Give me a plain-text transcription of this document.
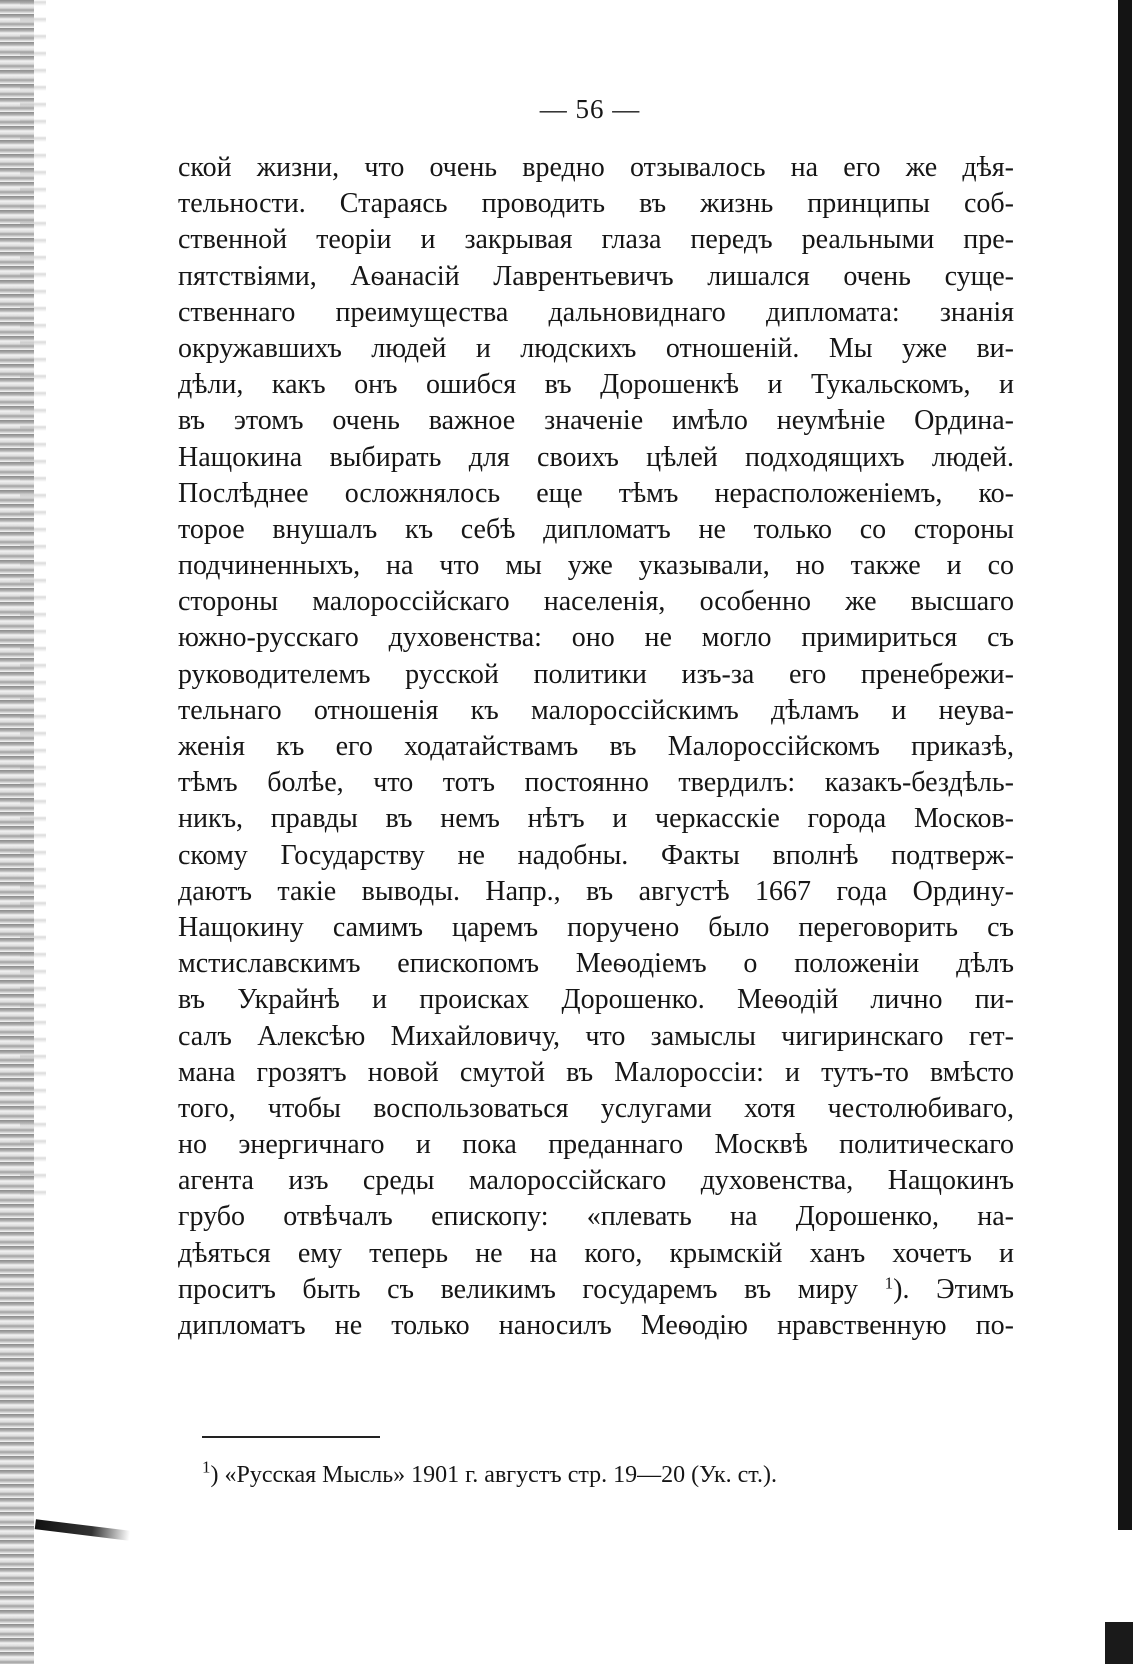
— 56 —
ской жизни, что очень вредно отзывалось на его же дѣя-
тельности. Стараясь проводить въ жизнь принципы соб-
ственной теоріи и закрывая глаза передъ реальными пре-
пятствіями, Аѳанасій Лаврентьевичъ лишался очень суще-
ственнаго преимущества дальновиднаго дипломата: знанія
окружавшихъ людей и людскихъ отношеній. Мы уже ви-
дѣли, какъ онъ ошибся въ Дорошенкѣ и Тукальскомъ, и
въ этомъ очень важное значеніе имѣло неумѣніе Ордина-
Нащокина выбирать для своихъ цѣлей подходящихъ людей.
Послѣднее осложнялось еще тѣмъ нерасположеніемъ, ко-
торое внушалъ къ себѣ дипломатъ не только со стороны
подчиненныхъ, на что мы уже указывали, но также и со
стороны малороссійскаго населенія, особенно же высшаго
южно-русскаго духовенства: оно не могло примириться съ
руководителемъ русской политики изъ-за его пренебрежи-
тельнаго отношенія къ малороссійскимъ дѣламъ и неува-
женія къ его ходатайствамъ въ Малороссійскомъ приказѣ,
тѣмъ болѣе, что тотъ постоянно твердилъ: казакъ-бездѣль-
никъ, правды въ немъ нѣтъ и черкасскіе города Москов-
скому Государству не надобны. Факты вполнѣ подтверж-
даютъ такіе выводы. Напр., въ августѣ 1667 года Ордину-
Нащокину самимъ царемъ поручено было переговорить съ
мстиславскимъ епископомъ Меѳодіемъ о положеніи дѣлъ
въ Украйнѣ и происках Дорошенко. Меѳодій лично пи-
салъ Алексѣю Михайловичу, что замыслы чигиринскаго гет-
мана грозятъ новой смутой въ Малороссіи: и тутъ-то вмѣсто
того, чтобы воспользоваться услугами хотя честолюбиваго,
но энергичнаго и пока преданнаго Москвѣ политическаго
агента изъ среды малороссійскаго духовенства, Нащокинъ
грубо отвѣчалъ епископу: «плевать на Дорошенко, на-
дѣяться ему теперь не на кого, крымскій ханъ хочетъ и
проситъ быть съ великимъ государемъ въ миру $^1$). Этимъ
дипломатъ не только наносилъ Меѳодію нравственную по-
$^1$) «Русская Мысль» 1901 г. августъ стр. 19—20 (Ук. ст.).
